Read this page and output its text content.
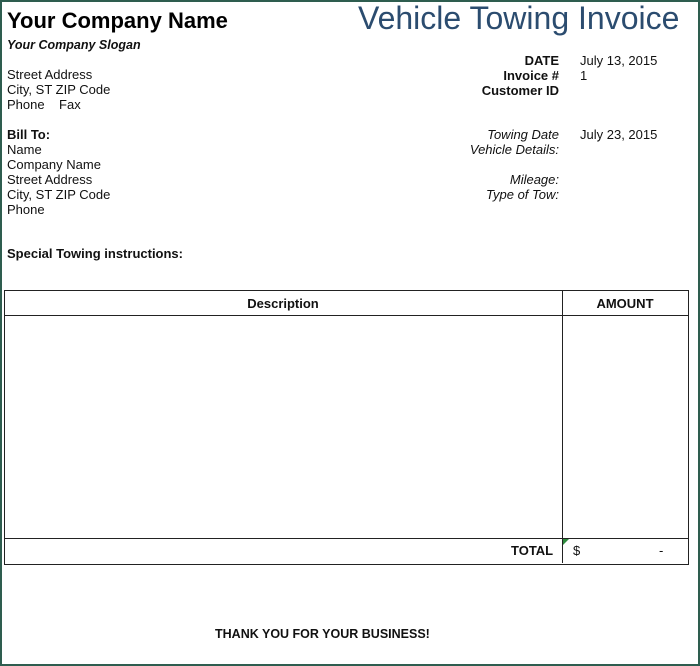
Your Company Name
Your Company Slogan
Vehicle Towing Invoice
Street Address
City, ST ZIP Code
Phone    Fax
DATE July 13, 2015
Invoice # 1
Customer ID
Bill To:
Name
Company Name
Street Address
City, ST ZIP Code
Phone
Towing Date July 23, 2015
Vehicle Details:
Mileage:
Type of Tow:
Special Towing instructions:
Description	AMOUNT
TOTAL $	-
THANK YOU FOR YOUR BUSINESS!
